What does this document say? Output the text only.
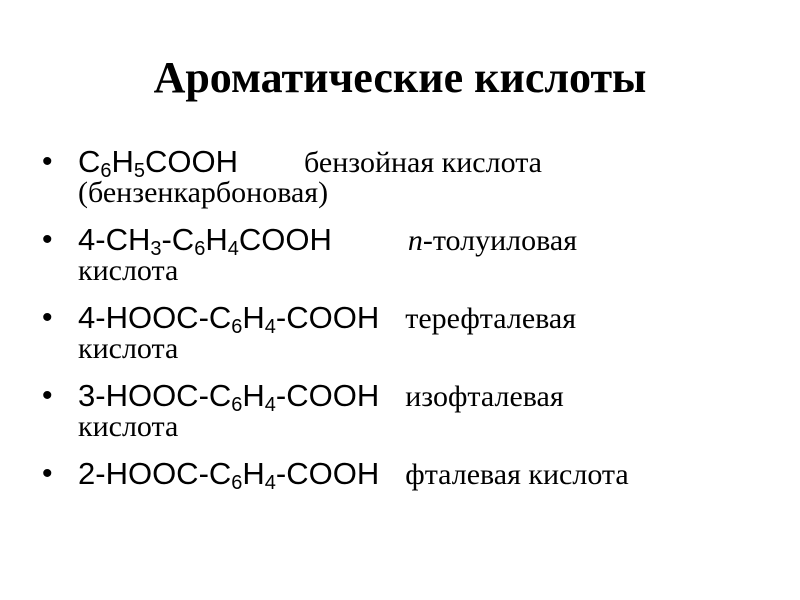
Ароматические кислоты
• $C_6H_5COOH$ бензойная кислота
(бензенкарбоновая)
• $4-CH_3-C_6H_4COOH$	n-толуиловая
кислота
• $4-HOOC-C_6H_4$-COOH терефталевая
кислота
• $3-HOOC-C_6H_4$-COOH изофталевая
кислота
• $2-HOOC-C_6H_4$-COOH фталевая кислота
